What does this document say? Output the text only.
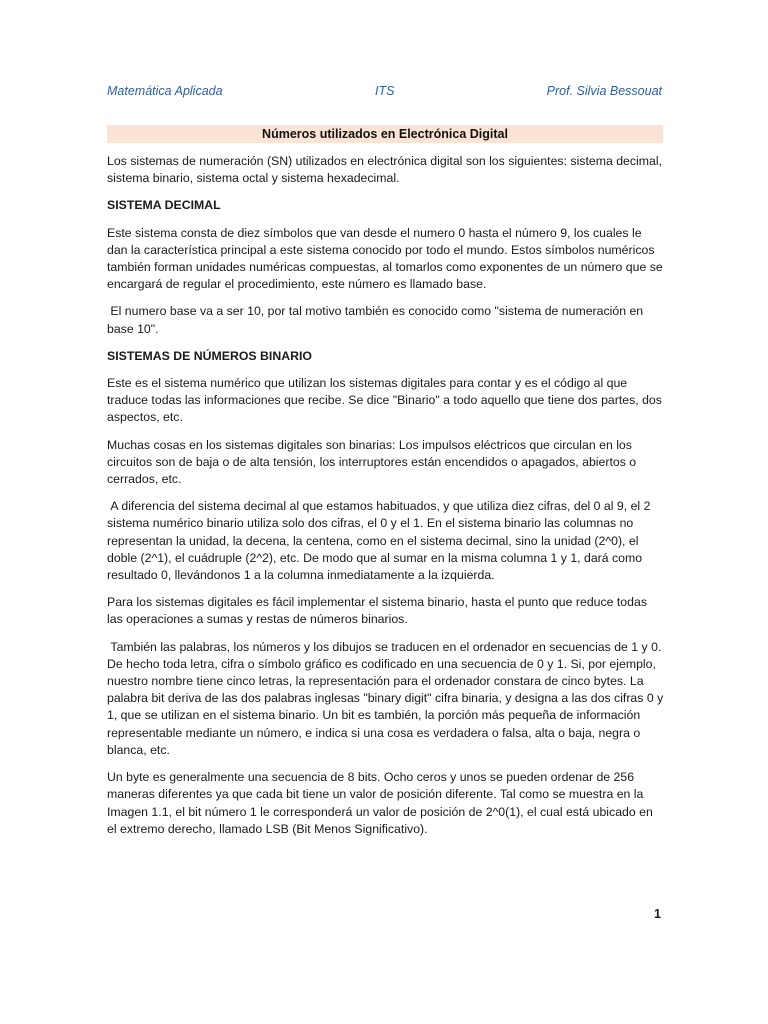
Matemática Aplicada	ITS	Prof. Silvia Bessouat
Números utilizados en Electrónica Digital

Los sistemas de numeración (SN) utilizados en electrónica digital son los siguientes: sistema decimal, sistema binario, sistema octal y sistema hexadecimal.

SISTEMA DECIMAL

Este sistema consta de diez símbolos que van desde el numero 0 hasta el número 9, los cuales le dan la característica principal a este sistema conocido por todo el mundo. Estos símbolos numéricos también forman unidades numéricas compuestas, al tomarlos como exponentes de un número que se encargará de regular el procedimiento, este número es llamado base.

El numero base va a ser 10, por tal motivo también es conocido como "sistema de numeración en base 10".

SISTEMAS DE NÚMEROS BINARIO

Este es el sistema numérico que utilizan los sistemas digitales para contar y es el código al que traduce todas las informaciones que recibe. Se dice "Binario" a todo aquello que tiene dos partes, dos aspectos, etc.

Muchas cosas en los sistemas digitales son binarias: Los impulsos eléctricos que circulan en los circuitos son de baja o de alta tensión, los interruptores están encendidos o apagados, abiertos o cerrados, etc.

A diferencia del sistema decimal al que estamos habituados, y que utiliza diez cifras, del 0 al 9, el 2 sistema numérico binario utiliza solo dos cifras, el 0 y el 1. En el sistema binario las columnas no representan la unidad, la decena, la centena, como en el sistema decimal, sino la unidad (2^0), el doble (2^1), el cuádruple (2^2), etc. De modo que al sumar en la misma columna 1 y 1, dará como resultado 0, llevándonos 1 a la columna inmediatamente a la izquierda.

Para los sistemas digitales es fácil implementar el sistema binario, hasta el punto que reduce todas las operaciones a sumas y restas de números binarios.

También las palabras, los números y los dibujos se traducen en el ordenador en secuencias de 1 y 0. De hecho toda letra, cifra o símbolo gráfico es codificado en una secuencia de 0 y 1. Si, por ejemplo, nuestro nombre tiene cinco letras, la representación para el ordenador constara de cinco bytes. La palabra bit deriva de las dos palabras inglesas "binary digit" cifra binaria, y designa a las dos cifras 0 y 1, que se utilizan en el sistema binario. Un bit es también, la porción más pequeña de información representable mediante un número, e indica si una cosa es verdadera o falsa, alta o baja, negra o blanca, etc.

Un byte es generalmente una secuencia de 8 bits. Ocho ceros y unos se pueden ordenar de 256 maneras diferentes ya que cada bit tiene un valor de posición diferente. Tal como se muestra en la Imagen 1.1, el bit número 1 le corresponderá un valor de posición de 2^0(1), el cual está ubicado en el extremo derecho, llamado LSB (Bit Menos Significativo).

1
